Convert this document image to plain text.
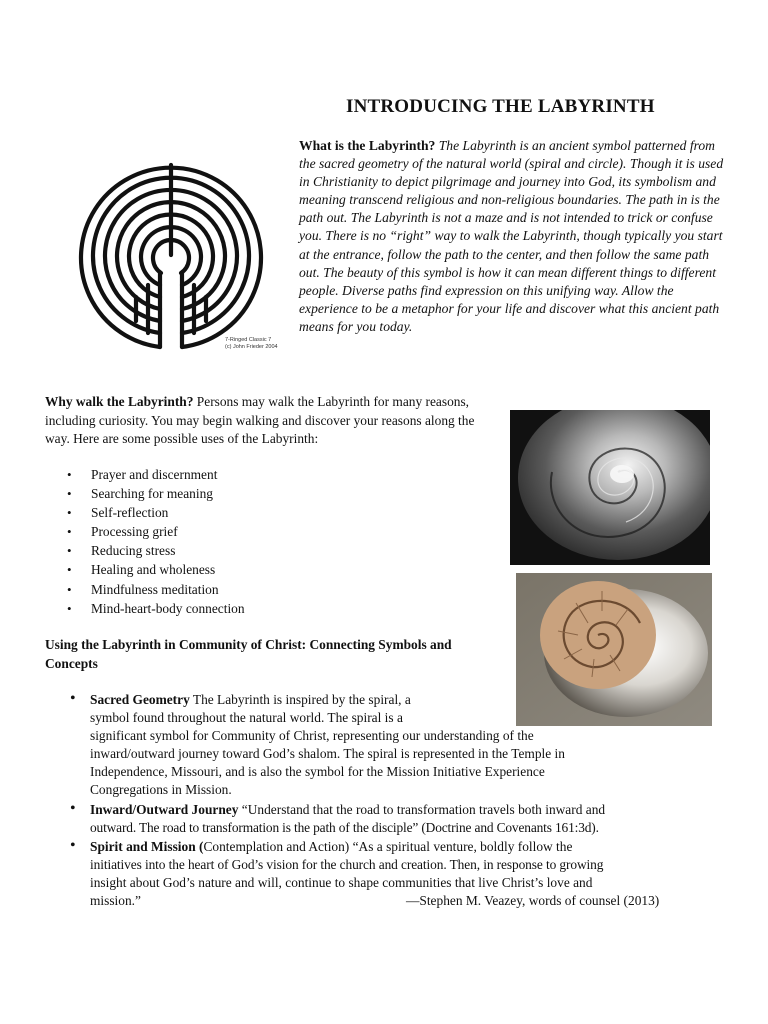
INTRODUCING THE LABYRINTH
7-Ringed Classic 7
(c) John Frieder 2004
What is the Labyrinth? The Labyrinth is an ancient symbol patterned from the sacred geometry of the natural world (spiral and circle). Though it is used in Christianity to depict pilgrimage and journey into God, its symbolism and meaning transcend religious and non-religious boundaries. The path in is the path out. The Labyrinth is not a maze and is not intended to trick or confuse you. There is no “right” way to walk the Labyrinth, though typically you start at the entrance, follow the path to the center, and then follow the same path out. The beauty of this symbol is how it can mean different things to different people. Diverse paths find expression on this unifying way. Allow the experience to be a metaphor for your life and discover what this ancient path means for you today.
Why walk the Labyrinth? Persons may walk the Labyrinth for many reasons, including curiosity. You may begin walking and discover your reasons along the way. Here are some possible uses of the Labyrinth:
• Prayer and discernment
• Searching for meaning
• Self-reflection
• Processing grief
• Reducing stress
• Healing and wholeness
• Mindfulness meditation
• Mind-heart-body connection
Using the Labyrinth in Community of Christ: Connecting Symbols and Concepts
• Sacred Geometry The Labyrinth is inspired by the spiral, a
symbol found throughout the natural world. The spiral is a
significant symbol for Community of Christ, representing our understanding of the
inward/outward journey toward God’s shalom. The spiral is represented in the Temple in
Independence, Missouri, and is also the symbol for the Mission Initiative Experience
Congregations in Mission.
• Inward/Outward Journey “Understand that the road to transformation travels both inward and
outward. The road to transformation is the path of the disciple” (Doctrine and Covenants 161:3d).
• Spirit and Mission (Contemplation and Action) “As a spiritual venture, boldly follow the
initiatives into the heart of God’s vision for the church and creation. Then, in response to growing
insight about God’s nature and will, continue to shape communities that live Christ’s love and
mission.”	—Stephen M. Veazey, words of counsel (2013)
